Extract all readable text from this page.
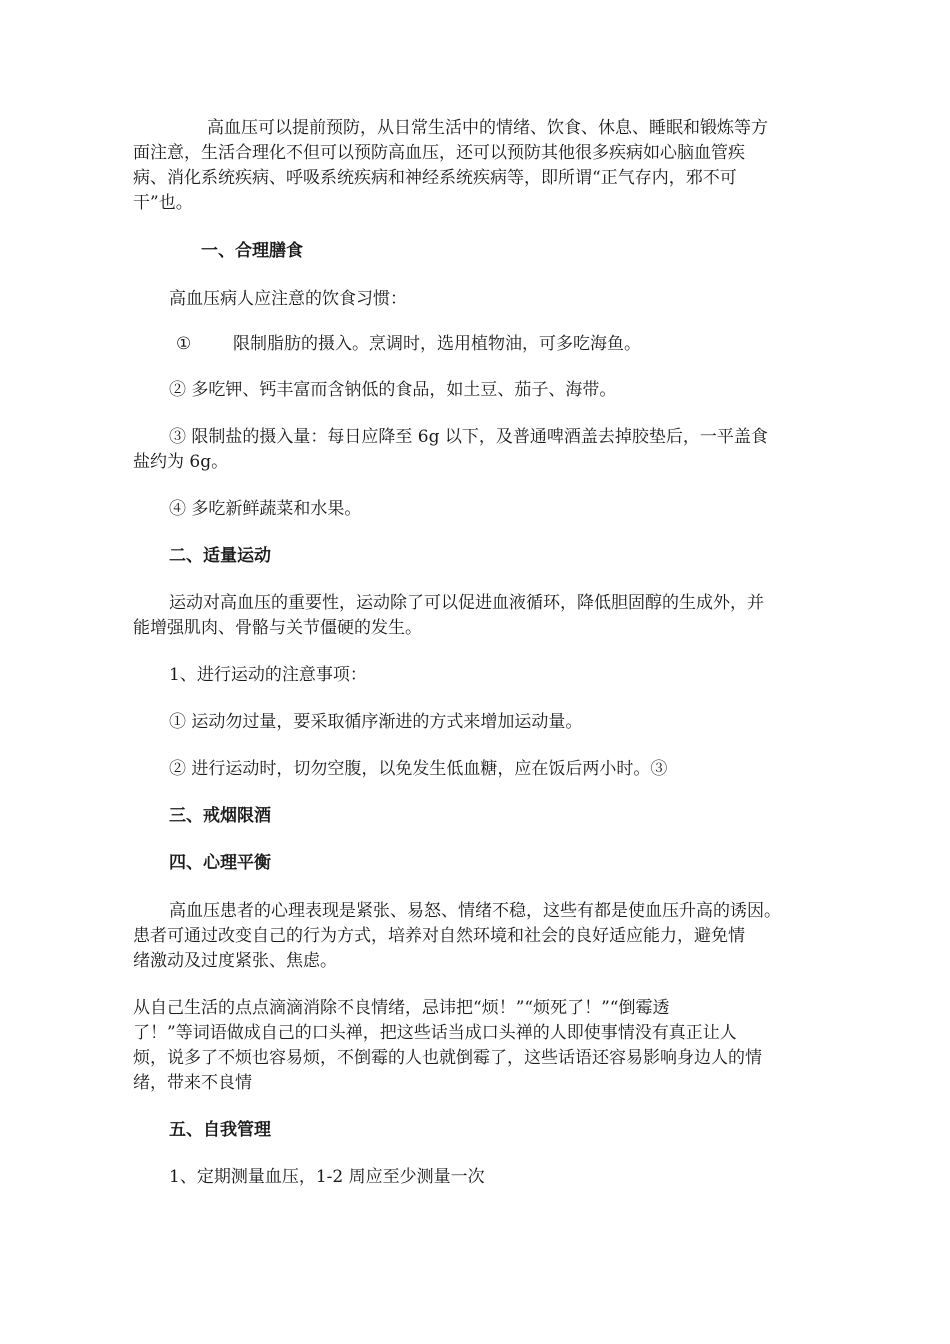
高血压可以提前预防，从日常生活中的情绪、饮食、休息、睡眠和锻炼等方
面注意，生活合理化不但可以预防高血压，还可以预防其他很多疾病如心脑血管疾
病、消化系统疾病、呼吸系统疾病和神经系统疾病等，即所谓“正气存内，邪不可
干”也。
一、合理膳食
高血压病人应注意的饮食习惯：
① 限制脂肪的摄入。烹调时，选用植物油，可多吃海鱼。
② 多吃钾、钙丰富而含钠低的食品，如土豆、茄子、海带。
③ 限制盐的摄入量：每日应降至 6g 以下，及普通啤酒盖去掉胶垫后，一平盖食
盐约为 6g。
④ 多吃新鲜蔬菜和水果。
二、适量运动
运动对高血压的重要性，运动除了可以促进血液循环，降低胆固醇的生成外，并
能增强肌肉、骨骼与关节僵硬的发生。
1、进行运动的注意事项：
① 运动勿过量，要采取循序渐进的方式来增加运动量。
② 进行运动时，切勿空腹，以免发生低血糖，应在饭后两小时。③
三、戒烟限酒
四、心理平衡
高血压患者的心理表现是紧张、易怒、情绪不稳，这些有都是使血压升高的诱因。
患者可通过改变自己的行为方式，培养对自然环境和社会的良好适应能力，避免情
绪激动及过度紧张、焦虑。
从自己生活的点点滴滴消除不良情绪，忌讳把“烦！”“烦死了！”“倒霉透
了！”等词语做成自己的口头禅，把这些话当成口头禅的人即使事情没有真正让人
烦，说多了不烦也容易烦，不倒霉的人也就倒霉了，这些话语还容易影响身边人的情
绪，带来不良情
五、自我管理
1、定期测量血压，1-2 周应至少测量一次
